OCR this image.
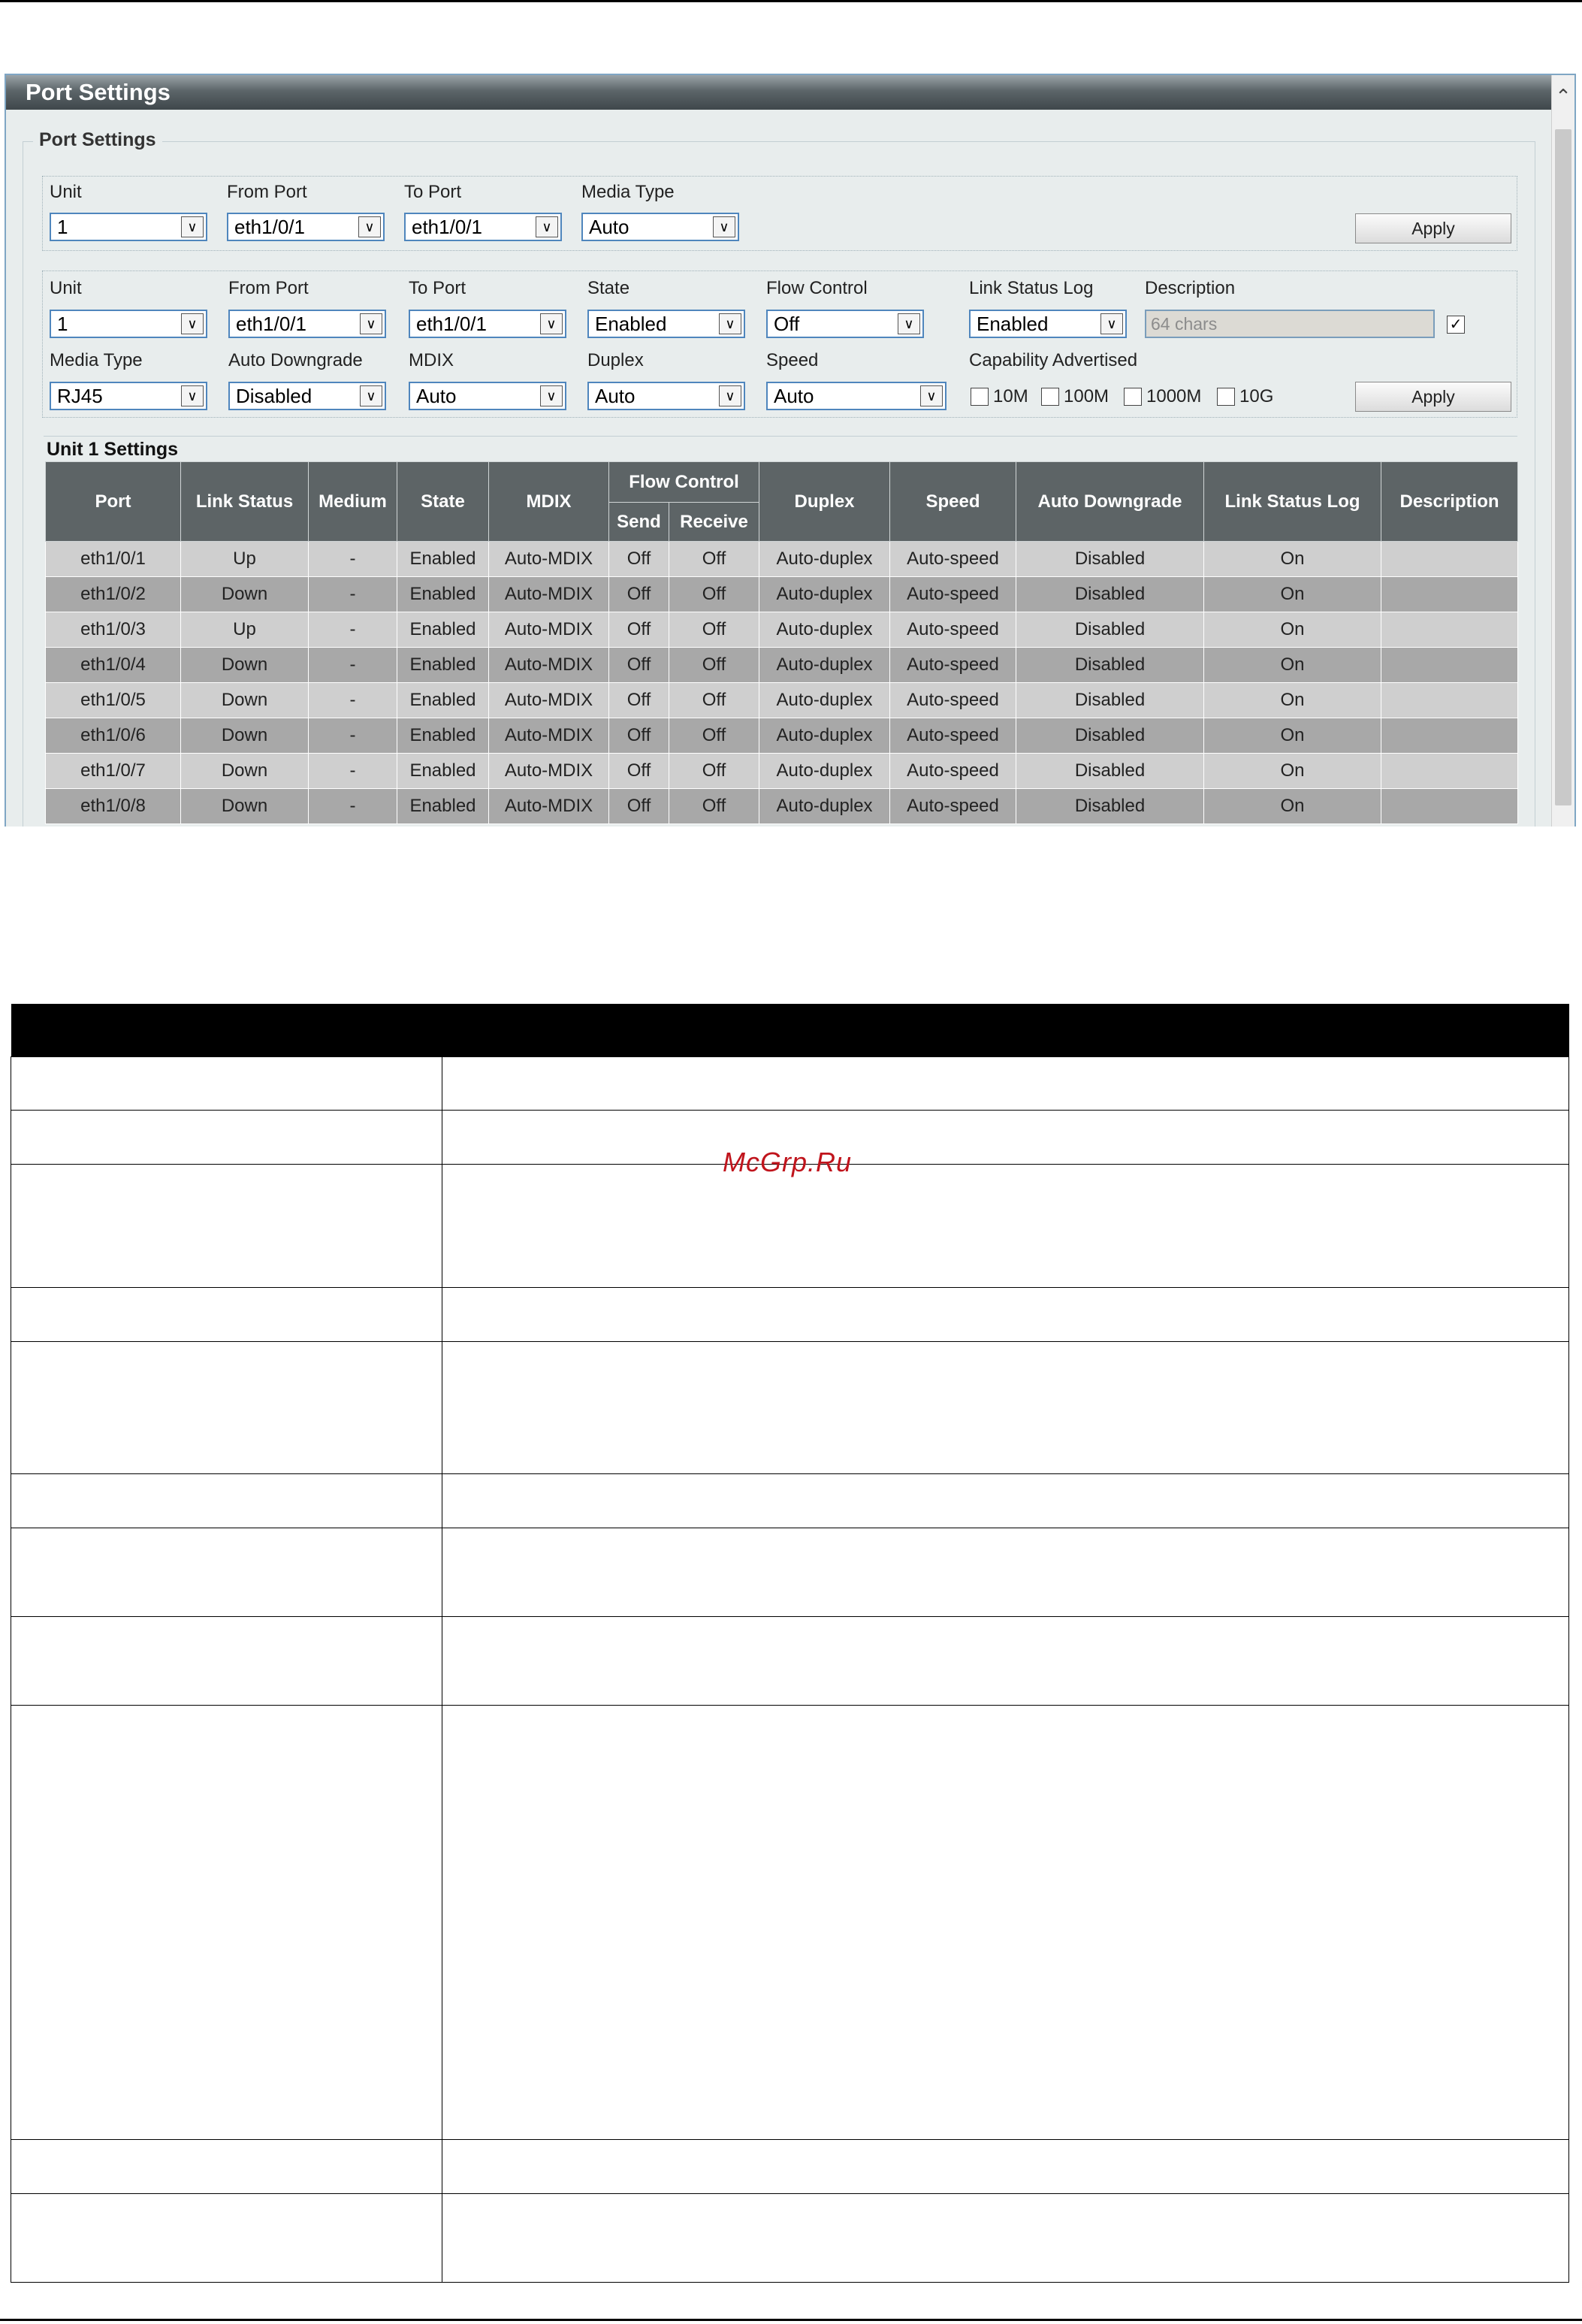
Port Settings	⌃
Port Settings
Unit
1	∨
From Port
eth1/0/1	∨
To Port
eth1/0/1	∨
Media Type
Auto	∨	Apply
Unit
1	∨
From Port
eth1/0/1	∨
To Port
eth1/0/1	∨
State
Enabled	∨
Flow Control
Off	∨
Link Status Log
Enabled	∨
Description
64 chars	✓
Media Type
RJ45	∨
Auto Downgrade
Disabled	∨
MDIX
Auto	∨
Duplex
Auto	∨
Speed
Auto	∨
Capability Advertised
10M 100M 1000M 10G	Apply
Unit 1 Settings
Port	Link Status	Medium	State	MDIX	Flow Control		Duplex	Speed	Auto Downgrade	Link Status Log	Description
					Send	Receive					
eth1/0/1	Up	-	Enabled	Auto-MDIX	Off	Off	Auto-duplex	Auto-speed	Disabled	On	
eth1/0/2	Down	-	Enabled	Auto-MDIX	Off	Off	Auto-duplex	Auto-speed	Disabled	On	
eth1/0/3	Up	-	Enabled	Auto-MDIX	Off	Off	Auto-duplex	Auto-speed	Disabled	On	
eth1/0/4	Down	-	Enabled	Auto-MDIX	Off	Off	Auto-duplex	Auto-speed	Disabled	On	
eth1/0/5	Down	-	Enabled	Auto-MDIX	Off	Off	Auto-duplex	Auto-speed	Disabled	On	
eth1/0/6	Down	-	Enabled	Auto-MDIX	Off	Off	Auto-duplex	Auto-speed	Disabled	On	
eth1/0/7	Down	-	Enabled	Auto-MDIX	Off	Off	Auto-duplex	Auto-speed	Disabled	On	
eth1/0/8	Down	-	Enabled	Auto-MDIX	Off	Off	Auto-duplex	Auto-speed	Disabled	On	

McGrp.Ru
